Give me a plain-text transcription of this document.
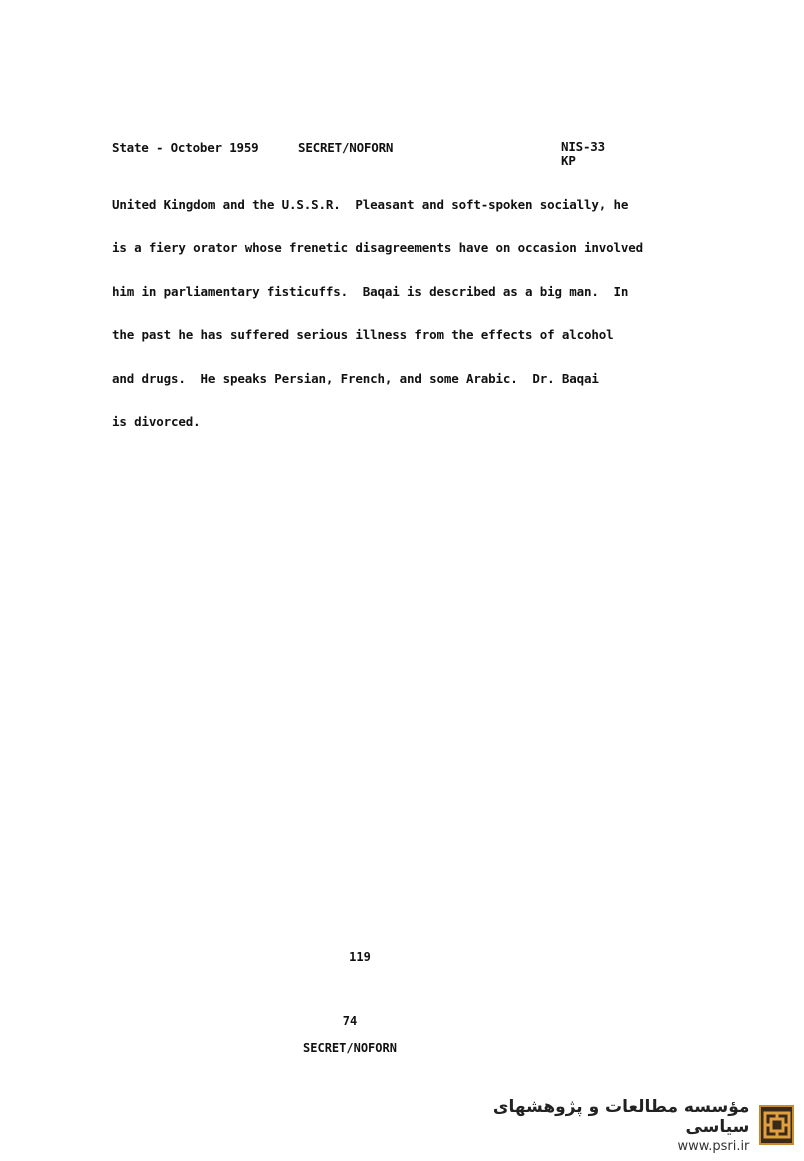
State - October 1959	SECRET/NOFORN	NIS-33
KP
United Kingdom and the U.S.S.R.  Pleasant and soft-spoken socially, he
is a fiery orator whose frenetic disagreements have on occasion involved
him in parliamentary fisticuffs.  Baqai is described as a big man.  In
the past he has suffered serious illness from the effects of alcohol
and drugs.  He speaks Persian, French, and some Arabic.  Dr. Baqai
is divorced.
119
74
SECRET/NOFORN
مؤسسه مطالعات و پژوهشهای سیاسی
www.psri.ir
